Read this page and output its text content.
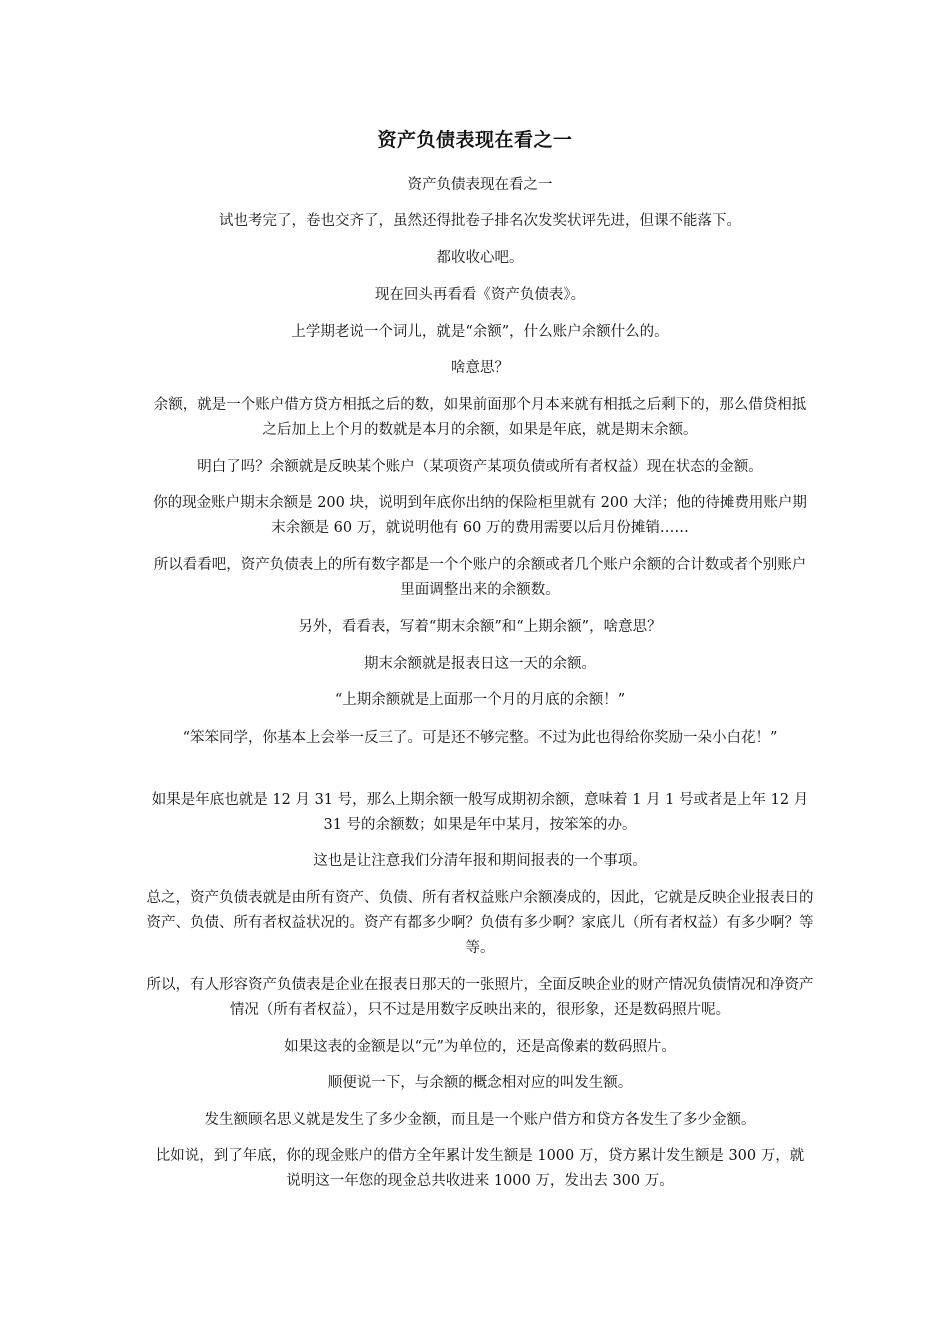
资产负债表现在看之一
资产负债表现在看之一
试也考完了，卷也交齐了，虽然还得批卷子排名次发奖状评先进，但课不能落下。
都收收心吧。
现在回头再看看《资产负债表》。
上学期老说一个词儿，就是“余额”，什么账户余额什么的。
啥意思？
余额，就是一个账户借方贷方相抵之后的数，如果前面那个月本来就有相抵之后剩下的，那么借贷相抵之后加上上个月的数就是本月的余额，如果是年底，就是期末余额。
明白了吗？余额就是反映某个账户（某项资产某项负债或所有者权益）现在状态的金额。
你的现金账户期末余额是 200 块，说明到年底你出纳的保险柜里就有 200 大洋；他的待摊费用账户期末余额是 60 万，就说明他有 60 万的费用需要以后月份摊销……
所以看看吧，资产负债表上的所有数字都是一个个账户的余额或者几个账户余额的合计数或者个别账户里面调整出来的余额数。
另外，看看表，写着“期末余额”和“上期余额”，啥意思？
期末余额就是报表日这一天的余额。
“上期余额就是上面那一个月的月底的余额！”
“笨笨同学，你基本上会举一反三了。可是还不够完整。不过为此也得给你奖励一朵小白花！”
如果是年底也就是 12 月 31 号，那么上期余额一般写成期初余额，意味着 1 月 1 号或者是上年 12 月 31 号的余额数；如果是年中某月，按笨笨的办。
这也是让注意我们分清年报和期间报表的一个事项。
总之，资产负债表就是由所有资产、负债、所有者权益账户余额凑成的，因此，它就是反映企业报表日的资产、负债、所有者权益状况的。资产有都多少啊？负债有多少啊？家底儿（所有者权益）有多少啊？等等。
所以，有人形容资产负债表是企业在报表日那天的一张照片，全面反映企业的财产情况负债情况和净资产情况（所有者权益），只不过是用数字反映出来的，很形象，还是数码照片呢。
如果这表的金额是以“元”为单位的，还是高像素的数码照片。
顺便说一下，与余额的概念相对应的叫发生额。
发生额顾名思义就是发生了多少金额，而且是一个账户借方和贷方各发生了多少金额。
比如说，到了年底，你的现金账户的借方全年累计发生额是 1000 万，贷方累计发生额是 300 万，就说明这一年您的现金总共收进来 1000 万，发出去 300 万。
